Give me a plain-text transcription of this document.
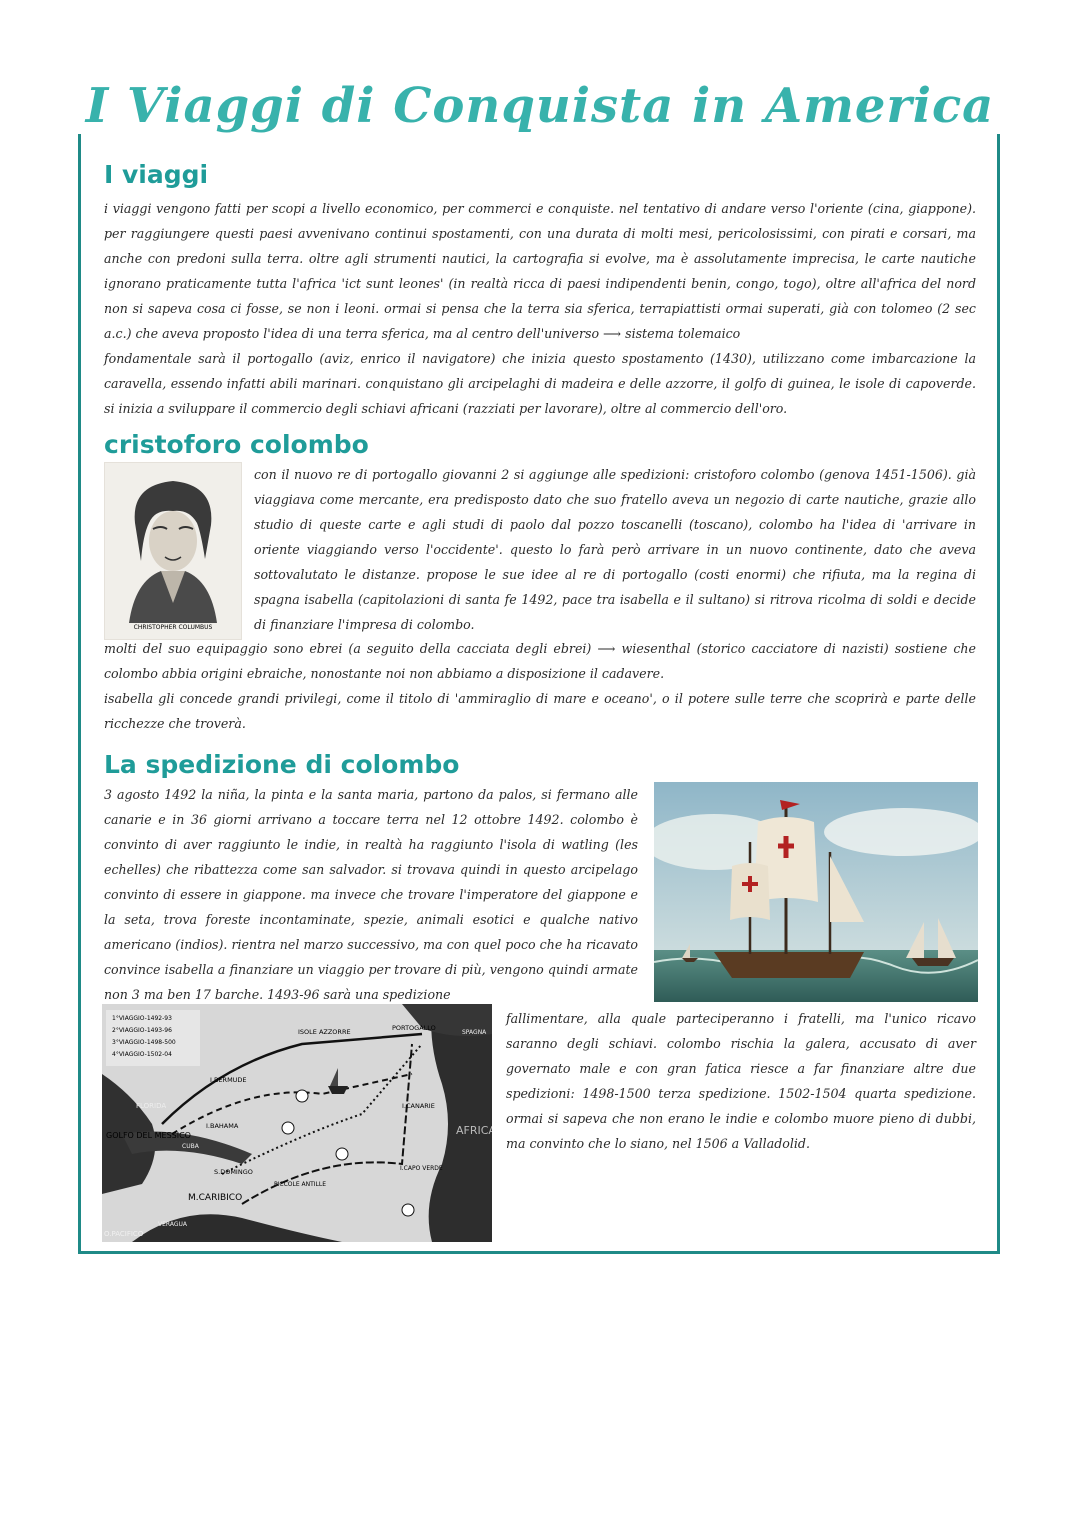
I Viaggi di Conquista in America
I viaggi

i viaggi vengono fatti per scopi a livello economico, per commerci e conquiste. nel tentativo di andare verso l'oriente (cina, giappone). per raggiungere questi paesi avvenivano continui spostamenti, con una durata di molti mesi, pericolosissimi, con pirati e corsari, ma anche con predoni sulla terra. oltre agli strumenti nautici, la cartografia si evolve, ma è assolutamente imprecisa, le carte nautiche ignorano praticamente tutta l'africa 'ict sunt leones' (in realtà ricca di paesi indipendenti benin, congo, togo), oltre all'africa del nord non si sapeva cosa ci fosse, se non i leoni. ormai si pensa che la terra sia sferica, terrapiattisti ormai superati, già con tolomeo (2 sec a.c.) che aveva proposto l'idea di una terra sferica, ma al centro dell'universo ⟶ sistema tolemaico

fondamentale sarà il portogallo (aviz, enrico il navigatore) che inizia questo spostamento (1430), utilizzano come imbarcazione la caravella, essendo infatti abili marinari. conquistano gli arcipelaghi di madeira e delle azzorre, il golfo di guinea, le isole di capoverde. si inizia a sviluppare il commercio degli schiavi africani (razziati per lavorare), oltre al commercio dell'oro.

cristoforo colombo
CHRISTOPHER COLUMBUS

con il nuovo re di portogallo giovanni 2 si aggiunge alle spedizioni: cristoforo colombo (genova 1451-1506). già viaggiava come mercante, era predisposto dato che suo fratello aveva un negozio di carte nautiche, grazie allo studio di queste carte e agli studi di paolo dal pozzo toscanelli (toscano), colombo ha l'idea di 'arrivare in oriente viaggiando verso l'occidente'. questo lo farà però arrivare in un nuovo continente, dato che aveva sottovalutato le distanze. propose le sue idee al re di portogallo (costi enormi) che rifiuta, ma la regina di spagna isabella (capitolazioni di santa fe 1492, pace tra isabella e il sultano) si ritrova ricolma di soldi e decide di finanziare l'impresa di colombo.

molti del suo equipaggio sono ebrei (a seguito della cacciata degli ebrei) ⟶ wiesenthal (storico cacciatore di nazisti) sostiene che colombo abbia origini ebraiche, nonostante noi non abbiamo a disposizione il cadavere.

isabella gli concede grandi privilegi, come il titolo di 'ammiraglio di mare e oceano', o il potere sulle terre che scoprirà e parte delle ricchezze che troverà.

La spedizione di colombo

3 agosto 1492 la niña, la pinta e la santa maria, partono da palos, si fermano alle canarie e in 36 giorni arrivano a toccare terra nel 12 ottobre 1492. colombo è convinto di aver raggiunto le indie, in realtà ha raggiunto l'isola di watling (les echelles) che ribattezza come san salvador. si trovava quindi in questo arcipelago convinto di essere in giappone. ma invece che trovare l'imperatore del giappone e la seta, trova foreste incontaminate, spezie, animali esotici e qualche nativo americano (indios). rientra nel marzo successivo, ma con quel poco che ha ricavato convince isabella a finanziare un viaggio per trovare di più, vengono quindi armate non 3 ma ben 17 barche. 1493-96 sarà una spedizione

1°VIAGGIO-1492-93
2°VIAGGIO-1493-96
3°VIAGGIO-1498-500
4°VIAGGIO-1502-04
ISOLE AZZORRE	PORTOGALLO
SPAGNA
I.BERMUDE
I.CANARIE
I.BAHAMA
GOLFO DEL MESSICO
S.DOMINGO	I.CAPO VERDE
M.CARIBICO
PICCOLE ANTILLE
O.PACIFICO
AFRICA
FLORIDA
VERAGUA
CUBA

fallimentare, alla quale parteciperanno i fratelli, ma l'unico ricavo saranno degli schiavi. colombo rischia la galera, accusato di aver governato male e con gran fatica riesce a far finanziare altre due spedizioni: 1498-1500 terza spedizione. 1502-1504 quarta spedizione. ormai si sapeva che non erano le indie e colombo muore pieno di dubbi, ma convinto che lo siano, nel 1506 a Valladolid.
